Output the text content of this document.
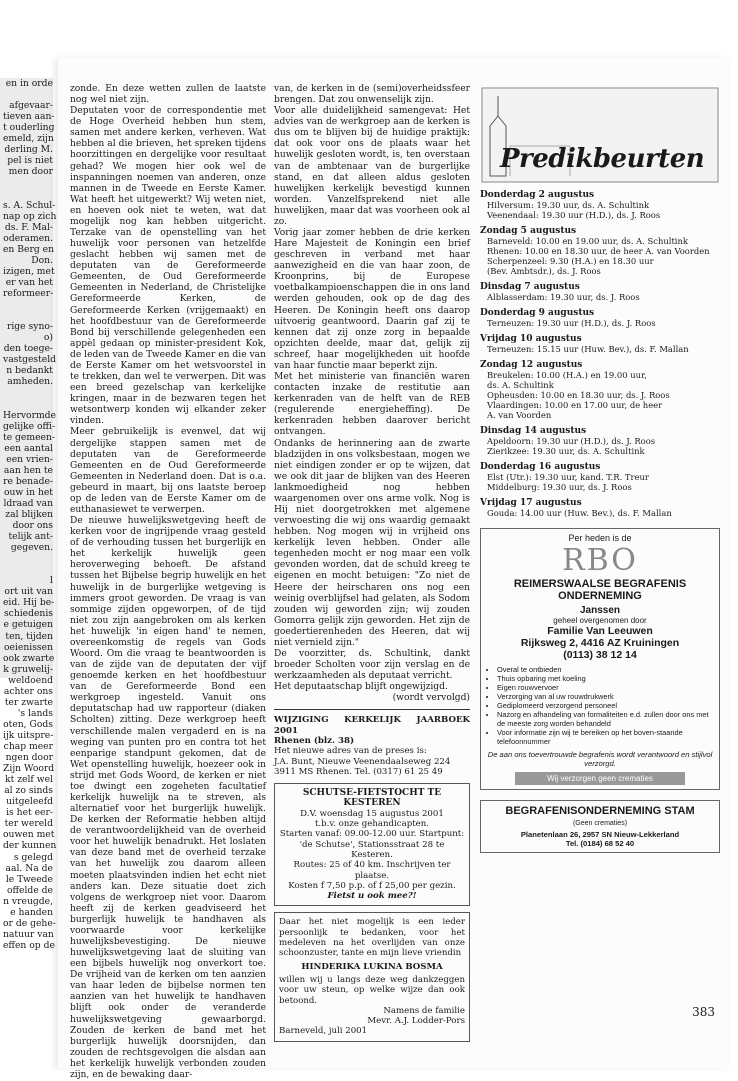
en in orde
afgevaar-
tieven aan-
t ouderling
emeld, zijn
derling M.
pel is niet
men door
s. A. Schul-
nap op zich
ds. F. Mal-
oderamen.
en Berg en
Don.
izigen, met
er van het
reformeer-
rige syno-
o)
den toege-
vastgesteld
n bedankt
amheden.
Hervormde
gelijke offi-
te gemeen-
een aantal
een vrien-
aan hen te
re benade-
ouw in het
ldraad van
zal blijken
door ons
telijk ant-
gegeven.
l
ort uit van
eid. Hij be-
schiedenis
e getuigen
ten, tijden
oeienissen
ook zwarte
k gruwelij-
weldoend
achter ons
ter zwarte
's lands
oten, Gods
ijk uitspre-
chap meer
ngen door
Zijn Woord
kt zelf wel
al zo sinds
uitgeleefd
is het eer-
ter wereld
ouwen met
der kunnen
s gelegd
aal. Na de
le Tweede
offelde de
n vreugde,
e handen
or de gehe-
natuur van
effen op de

zonde. En deze wetten zullen de laatste nog wel niet zijn.

Deputaten voor de correspondentie met de Hoge Overheid hebben hun stem, samen met andere kerken, verheven. Wat hebben al die brieven, het spreken tijdens hoorzittingen en dergelijke voor resultaat gehad? We mogen hier ook wel de inspanningen noemen van anderen, onze mannen in de Tweede en Eerste Kamer. Wat heeft het uitgewerkt? Wij weten niet, en hoeven ook niet te weten, wat dat mogelijk nog kan hebben uitgericht. Terzake van de openstelling van het huwelijk voor personen van hetzelfde geslacht hebben wij samen met de deputaten van de Gereformeerde Gemeenten, de Oud Gereformeerde Gemeenten in Nederland, de Christelijke Gereformeerde Kerken, de Gereformeerde Kerken (vrijgemaakt) en het hoofdbestuur van de Gereformeerde Bond bij verschillende gelegenheden een appèl gedaan op minister-president Kok, de leden van de Tweede Kamer en die van de Eerste Kamer om het wetsvoorstel in te trekken, dan wel te verwerpen. Dit was een breed gezelschap van kerkelijke kringen, maar in de bezwaren tegen het wetsontwerp konden wij elkander zeker vinden.

Meer gebruikelijk is evenwel, dat wij dergelijke stappen samen met de deputaten van de Gereformeerde Gemeenten en de Oud Gereformeerde Gemeenten in Nederland doen. Dat is o.a. gebeurd in maart, bij ons laatste beroep op de leden van de Eerste Kamer om de euthanasiewet te verwerpen.

De nieuwe huwelijkswetgeving heeft de kerken voor de ingrijpende vraag gesteld of de verhouding tussen het burgerlijk en het kerkelijk huwelijk geen heroverweging behoeft. De afstand tussen het Bijbelse begrip huwelijk en het huwelijk in de burgerlijke wetgeving is immers groot geworden. De vraag is van sommige zijden opgeworpen, of de tijd niet zou zijn aangebroken om als kerken het huwelijk 'in eigen hand' te nemen, overeenkomstig de regels van Gods Woord. Om die vraag te beantwoorden is van de zijde van de deputaten der vijf genoemde kerken en het hoofdbestuur van de Gereformeerde Bond een werkgroep ingesteld. Vanuit ons deputatschap had uw rapporteur (diaken Scholten) zitting. Deze werkgroep heeft verschillende malen vergaderd en is na weging van punten pro en contra tot het eenparige standpunt gekomen, dat de Wet openstelling huwelijk, hoezeer ook in strijd met Gods Woord, de kerken er niet toe dwingt een zogeheten facultatief kerkelijk huwelijk na te streven, als alternatief voor het burgerlijk huwelijk. De kerken der Reformatie hebben altijd de verantwoordelijkheid van de overheid voor het huwelijk benadrukt. Het loslaten van deze band met de overheid terzake van het huwelijk zou daarom alleen moeten plaatsvinden indien het echt niet anders kan. Deze situatie doet zich volgens de werkgroep niet voor. Daarom heeft zij de kerken geadviseerd het burgerlijk huwelijk te handhaven als voorwaarde voor kerkelijke huwelijksbevestiging. De nieuwe huwelijkswetgeving laat de sluiting van een bijbels huwelijk nog onverkort toe. De vrijheid van de kerken om ten aanzien van haar leden de bijbelse normen ten aanzien van het huwelijk te handhaven blijft ook onder de veranderde huwelijkswetgeving gewaarborgd. Zouden de kerken de band met het burgerlijk huwelijk doorsnijden, dan zouden de rechtsgevolgen die alsdan aan het kerkelijk huwelijk verbonden zouden zijn, en de bewaking daar-

van, de kerken in de (semi)overheidssfeer brengen. Dat zou onwenselijk zijn.

Voor alle duidelijkheid samengevat: Het advies van de werkgroep aan de kerken is dus om te blijven bij de huidige praktijk: dat ook voor ons de plaats waar het huwelijk gesloten wordt, is, ten overstaan van de ambtenaar van de burgerlijke stand, en dat alleen aldus gesloten huwelijken kerkelijk bevestigd kunnen worden. Vanzelfsprekend niet alle huwelijken, maar dat was voorheen ook al zo.

Vorig jaar zomer hebben de drie kerken Hare Majesteit de Koningin een brief geschreven in verband met haar aanwezigheid en die van haar zoon, de Kroonprins, bij de Europese voetbalkampioenschappen die in ons land werden gehouden, ook op de dag des Heeren. De Koningin heeft ons daarop uitvoerig geantwoord. Daarin gaf zij te kennen dat zij onze zorg in bepaalde opzichten deelde, maar dat, gelijk zij schreef, haar mogelijkheden uit hoofde van haar functie maar beperkt zijn.

Met het ministerie van financiën waren contacten inzake de restitutie aan kerkenraden van de helft van de REB (regulerende energieheffing). De kerkenraden hebben daarover bericht ontvangen.

Ondanks de herinnering aan de zwarte bladzijden in ons volksbestaan, mogen we niet eindigen zonder er op te wijzen, dat we ook dit jaar de blijken van des Heeren lankmoedigheid nog hebben waargenomen over ons arme volk. Nog is Hij niet doorgetrokken met algemene verwoesting die wij ons waardig gemaakt hebben. Nog mogen wij in vrijheid ons kerkelijk leven hebben. Onder alle tegenheden mocht er nog maar een volk gevonden worden, dat de schuld kreeg te eigenen en mocht betuigen: "Zo niet de Heere der heirscharen ons nog een weinig overblijfsel had gelaten, als Sodom zouden wij geworden zijn; wij zouden Gomorra gelijk zijn geworden. Het zijn de goedertierenheden des Heeren, dat wij niet vernield zijn."

De voorzitter, ds. Schultink, dankt broeder Scholten voor zijn verslag en de werkzaamheden als deputaat verricht.

Het deputaatschap blijft ongewijzigd.

(wordt vervolgd)

WIJZIGING KERKELIJK JAARBOEK 2001
Rhenen (blz. 38)
Het nieuwe adres van de preses is:
J.A. Bunt, Nieuwe Veenendaalseweg 224
3911 MS Rhenen. Tel. (0317) 61 25 49
SCHUTSE-FIETSTOCHT TE KESTEREN
D.V. woensdag 15 augustus 2001
t.b.v. onze gehandicapten.
Starten vanaf: 09.00-12.00 uur. Startpunt:
'de Schutse', Stationsstraat 28 te Kesteren.
Routes: 25 of 40 km. Inschrijven ter plaatse.
Kosten f 7,50 p.p. of f 25,00 per gezin.
Fietst u ook mee?!
Daar het niet mogelijk is een ieder persoonlijk te bedanken, voor het medeleven na het overlijden van onze schoonzuster, tante en mijn lieve vriendin
HINDERIKA LUKINA BOSMA
willen wij u langs deze weg dankzeggen voor uw steun, op welke wijze dan ook betoond.
Namens de familie
Mevr. A.J. Lodder-Pors
Barneveld, juli 2001
Predikbeurten
Donderdag 2 augustus
Hilversum: 19.30 uur, ds. A. Schultink
Veenendaal: 19.30 uur (H.D.), ds. J. Roos
Zondag 5 augustus
Barneveld: 10.00 en 19.00 uur, ds. A. Schultink
Rhenen: 10.00 en 18.30 uur, de heer A. van Voorden
Scherpenzeel: 9.30 (H.A.) en 18.30 uur
(Bev. Ambtsdr.), ds. J. Roos
Dinsdag 7 augustus
Alblasserdam: 19.30 uur, ds. J. Roos
Donderdag 9 augustus
Terneuzen: 19.30 uur (H.D.), ds. J. Roos
Vrijdag 10 augustus
Terneuzen: 15.15 uur (Huw. Bev.), ds. F. Mallan
Zondag 12 augustus
Breukelen: 10.00 (H.A.) en 19.00 uur,
ds. A. Schultink
Opheusden: 10.00 en 18.30 uur, ds. J. Roos
Vlaardingen: 10.00 en 17.00 uur, de heer
A. van Voorden
Dinsdag 14 augustus
Apeldoorn: 19.30 uur (H.D.), ds. J. Roos
Zierikzee: 19.30 uur, ds. A. Schultink
Donderdag 16 augustus
Elst (Utr.): 19.30 uur, kand. T.R. Treur
Middelburg: 19.30 uur, ds. J. Roos
Vrijdag 17 augustus
Gouda: 14.00 uur (Huw. Bev.), ds. F. Mallan
Per heden is de
RBO
REIMERSWAALSE BEGRAFENIS
ONDERNEMING
Janssen
geheel overgenomen door
Familie Van Leeuwen
Rijksweg 2, 4416 AZ Kruiningen
(0113) 38 12 14
• Overal te ontbieden
• Thuis opbaring met koeling
• Eigen rouwvervoer
• Verzorging van al uw rouwdrukwerk
• Gediplomeerd verzorgend personeel
• Nazorg en afhandeling van formaliteiten e.d. zullen door ons met de meeste zorg worden behandeld
• Voor informatie zijn wij te bereiken op het boven-staande telefoonnummer
De aan ons toevertrouwde begrafenis wordt verantwoord en stijlvol verzorgd.
Wij verzorgen geen crematies
BEGRAFENISONDERNEMING STAM
(Geen crematies)
Planetenlaan 26, 2957 SN Nieuw-Lekkerland
Tel. (0184) 68 52 40
383
